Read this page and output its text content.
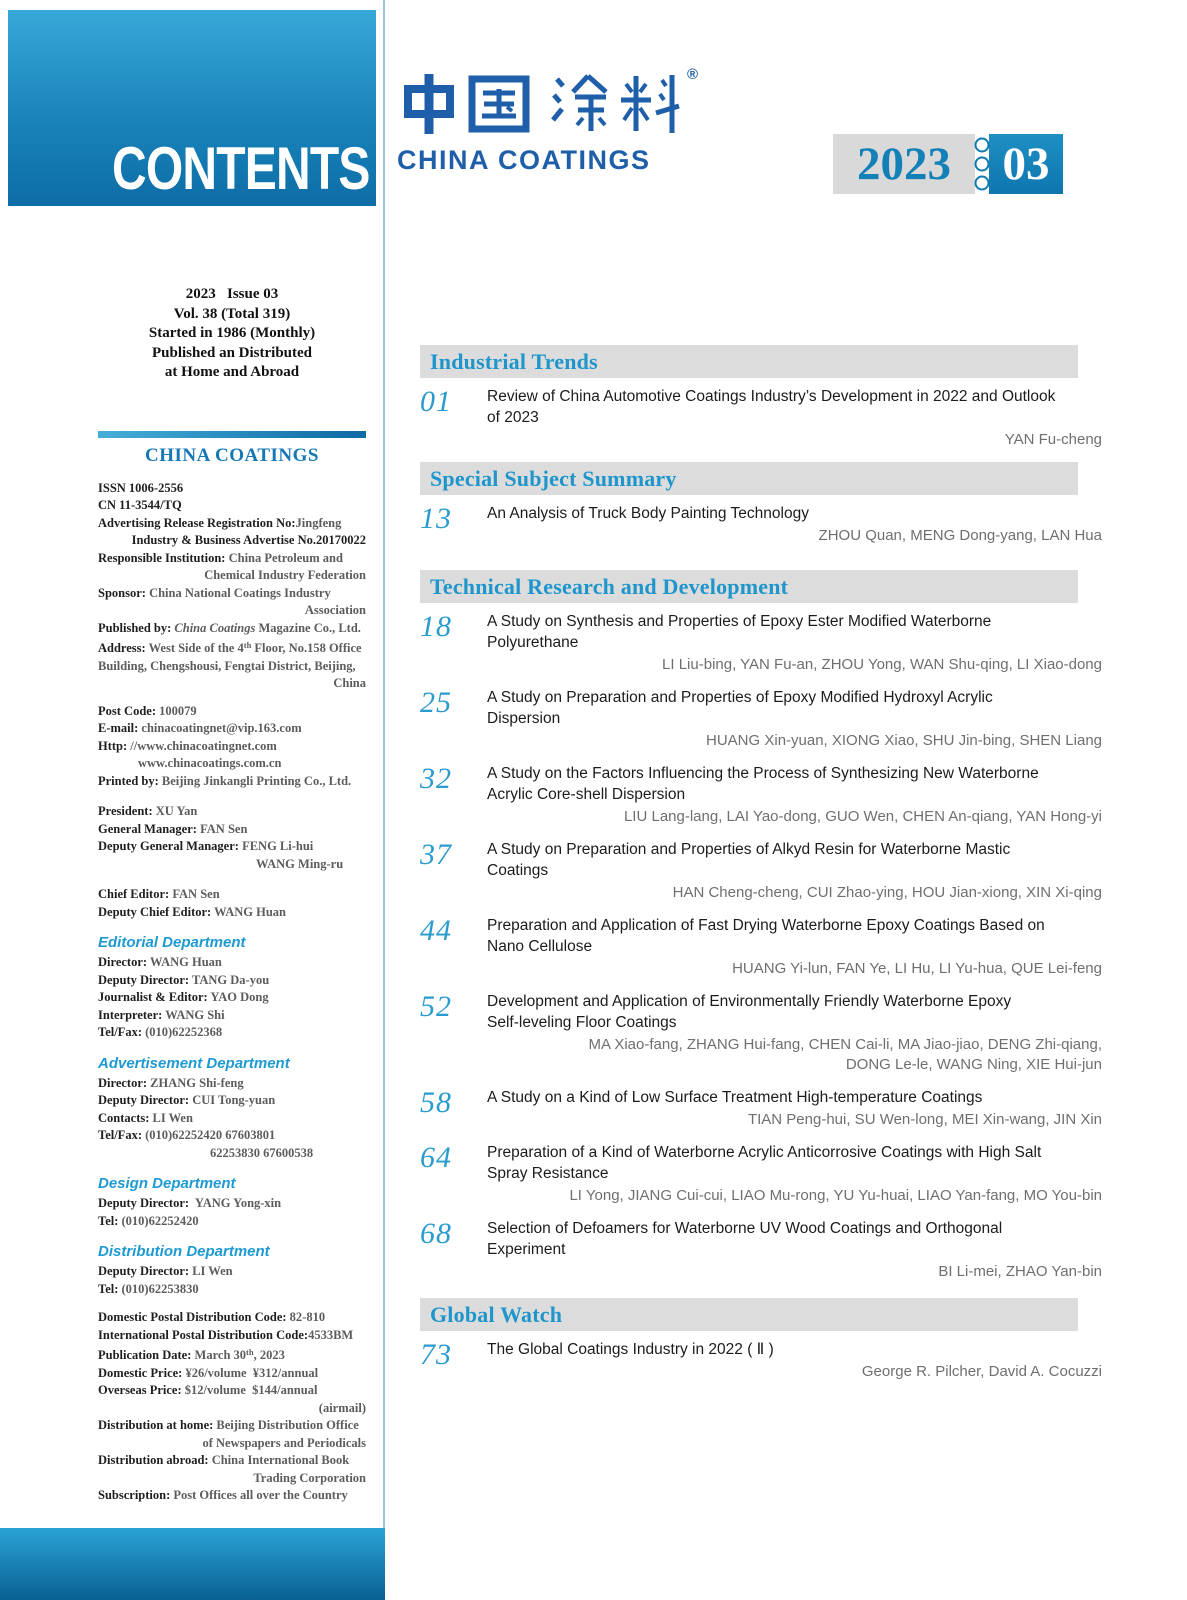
CONTENTS
®
CHINA COATINGS	2023	03
2023   Issue 03
Vol. 38 (Total 319)
Started in 1986 (Monthly)
Published an Distributed
at Home and Abroad
CHINA COATINGS
ISSN 1006-2556
CN 11-3544/TQ
Advertising Release Registration No:Jingfeng
Industry & Business Advertise No.20170022
Responsible Institution: China Petroleum and
Chemical Industry Federation
Sponsor: China National Coatings Industry
Association
Published by: China Coatings Magazine Co., Ltd.
Address: West Side of the 4th Floor, No.158 Office
Building, Chengshousi, Fengtai District, Beijing,
China
Post Code: 100079
E-mail: chinacoatingnet@vip.163.com
Http: //www.chinacoatingnet.com
www.chinacoatings.com.cn
Printed by: Beijing Jinkangli Printing Co., Ltd.
President: XU Yan
General Manager: FAN Sen
Deputy General Manager: FENG Li-hui
WANG Ming-ru
Chief Editor: FAN Sen
Deputy Chief Editor: WANG Huan
Editorial Department
Director: WANG Huan
Deputy Director: TANG Da-you
Journalist & Editor: YAO Dong
Interpreter: WANG Shi
Tel/Fax: (010)62252368
Advertisement Department
Director: ZHANG Shi-feng
Deputy Director: CUI Tong-yuan
Contacts: LI Wen
Tel/Fax: (010)62252420 67603801
62253830 67600538
Design Department
Deputy Director:  YANG Yong-xin
Tel: (010)62252420
Distribution Department
Deputy Director: LI Wen
Tel: (010)62253830
Domestic Postal Distribution Code: 82-810
International Postal Distribution Code:4533BM
Publication Date: March 30th, 2023
Domestic Price: ¥26/volume  ¥312/annual
Overseas Price: $12/volume  $144/annual
(airmail)
Distribution at home: Beijing Distribution Office
of Newspapers and Periodicals
Distribution abroad: China International Book
Trading Corporation
Subscription: Post Offices all over the Country
Industrial Trends
01	Review of China Automotive Coatings Industry’s Development in 2022 and Outlook
of 2023
YAN Fu-cheng
Special Subject Summary
13	An Analysis of Truck Body Painting Technology
ZHOU Quan, MENG Dong-yang, LAN Hua
Technical Research and Development
18	A Study on Synthesis and Properties of Epoxy Ester Modified Waterborne
Polyurethane
LI Liu-bing, YAN Fu-an, ZHOU Yong, WAN Shu-qing, LI Xiao-dong
25	A Study on Preparation and Properties of Epoxy Modified Hydroxyl Acrylic
Dispersion
HUANG Xin-yuan, XIONG Xiao, SHU Jin-bing, SHEN Liang
32	A Study on the Factors Influencing the Process of Synthesizing New Waterborne
Acrylic Core-shell Dispersion
LIU Lang-lang, LAI Yao-dong, GUO Wen, CHEN An-qiang, YAN Hong-yi
37	A Study on Preparation and Properties of Alkyd Resin for Waterborne Mastic
Coatings
HAN Cheng-cheng, CUI Zhao-ying, HOU Jian-xiong, XIN Xi-qing
44	Preparation and Application of Fast Drying Waterborne Epoxy Coatings Based on
Nano Cellulose
HUANG Yi-lun, FAN Ye, LI Hu, LI Yu-hua, QUE Lei-feng
52	Development and Application of Environmentally Friendly Waterborne Epoxy
Self-leveling Floor Coatings
MA Xiao-fang, ZHANG Hui-fang, CHEN Cai-li, MA Jiao-jiao, DENG Zhi-qiang,
DONG Le-le, WANG Ning, XIE Hui-jun
58	A Study on a Kind of Low Surface Treatment High-temperature Coatings
TIAN Peng-hui, SU Wen-long, MEI Xin-wang, JIN Xin
64	Preparation of a Kind of Waterborne Acrylic Anticorrosive Coatings with High Salt
Spray Resistance
LI Yong, JIANG Cui-cui, LIAO Mu-rong, YU Yu-huai, LIAO Yan-fang, MO You-bin
68	Selection of Defoamers for Waterborne UV Wood Coatings and Orthogonal
Experiment
BI Li-mei, ZHAO Yan-bin
Global Watch
73	The Global Coatings Industry in 2022 ( Ⅱ )
George R. Pilcher, David A. Cocuzzi
